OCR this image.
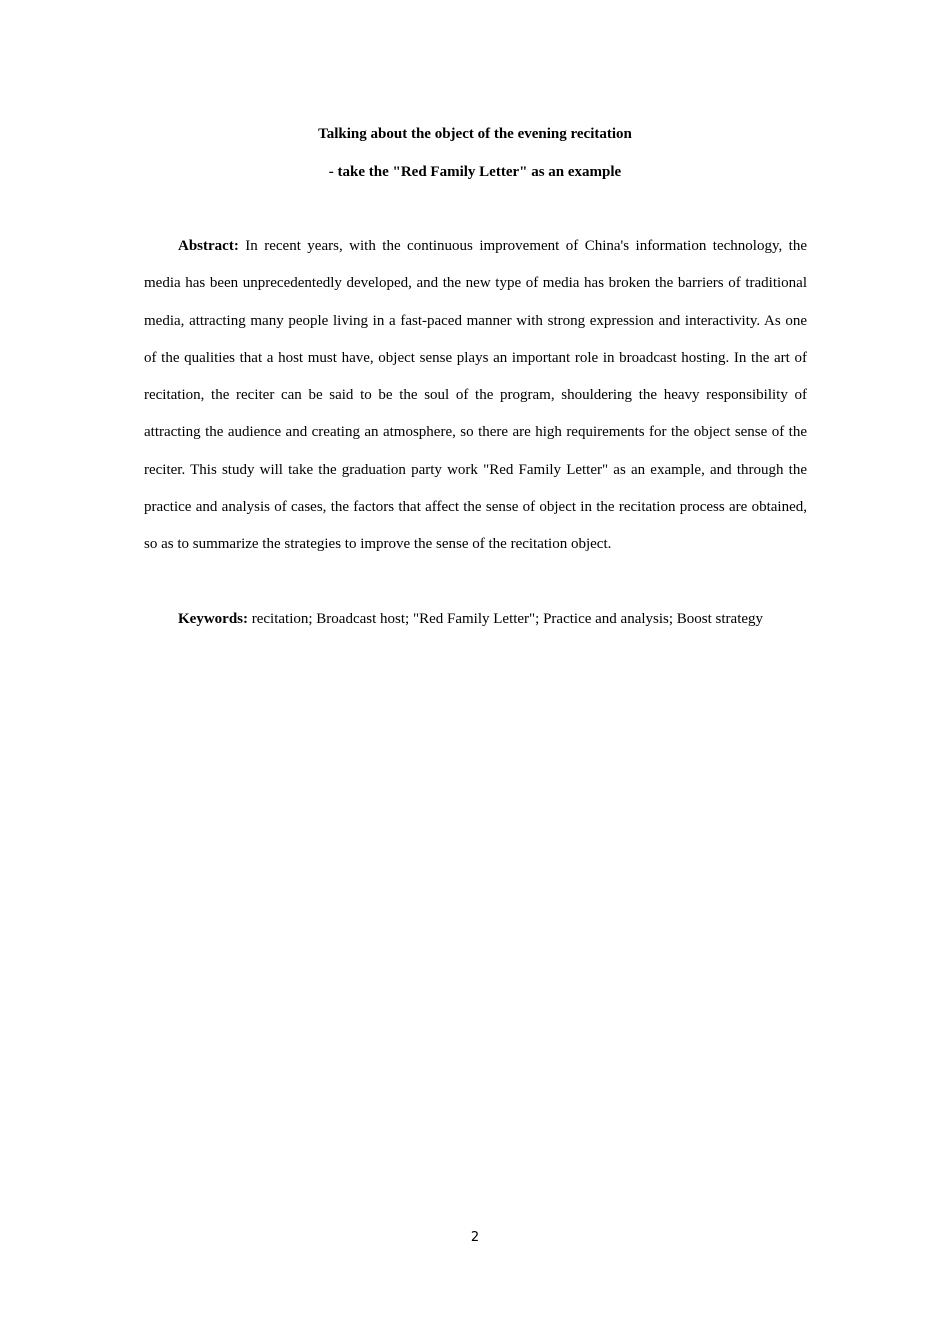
Talking about the object of the evening recitation
- take the "Red Family Letter" as an example

Abstract: In recent years, with the continuous improvement of China's information technology, the media has been unprecedentedly developed, and the new type of media has broken the barriers of traditional media, attracting many people living in a fast-paced manner with strong expression and interactivity. As one of the qualities that a host must have, object sense plays an important role in broadcast hosting. In the art of recitation, the reciter can be said to be the soul of the program, shouldering the heavy responsibility of attracting the audience and creating an atmosphere, so there are high requirements for the object sense of the reciter. This study will take the graduation party work "Red Family Letter" as an example, and through the practice and analysis of cases, the factors that affect the sense of object in the recitation process are obtained, so as to summarize the strategies to improve the sense of the recitation object.

Keywords: recitation; Broadcast host; "Red Family Letter"; Practice and analysis; Boost strategy

2
